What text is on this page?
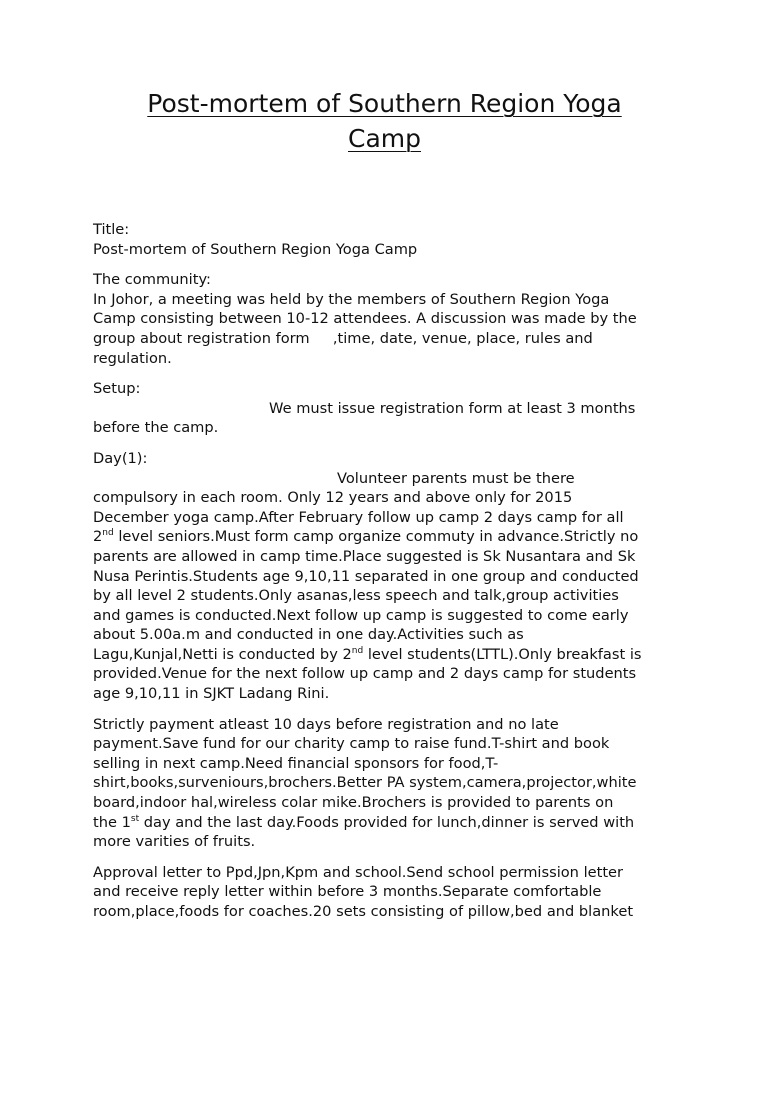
Post-mortem of Southern Region Yoga
Camp
Title:
Post-mortem of Southern Region Yoga Camp
The community:
In Johor, a meeting was held by the members of Southern Region Yoga
Camp consisting between 10-12 attendees. A discussion was made by the
group about registration form     ,time, date, venue, place, rules and
regulation.
Setup:
We must issue registration form at least 3 months
before the camp.
Day(1):
Volunteer parents must be there
compulsory in each room. Only 12 years and above only for 2015
December yoga camp.After February follow up camp 2 days camp for all
2nd level seniors.Must form camp organize commuty in advance.Strictly no
parents are allowed in camp time.Place suggested is Sk Nusantara and Sk
Nusa Perintis.Students age 9,10,11 separated in one group and conducted
by all level 2 students.Only asanas,less speech and talk,group activities
and games is conducted.Next follow up camp is suggested to come early
about 5.00a.m and conducted in one day.Activities such as
Lagu,Kunjal,Netti is conducted by 2nd level students(LTTL).Only breakfast is
provided.Venue for the next follow up camp and 2 days camp for students
age 9,10,11 in SJKT Ladang Rini.
Strictly payment atleast 10 days before registration and no late
payment.Save fund for our charity camp to raise fund.T-shirt and book
selling in next camp.Need financial sponsors for food,T-
shirt,books,surveniours,brochers.Better PA system,camera,projector,white
board,indoor hal,wireless colar mike.Brochers is provided to parents on
the 1st day and the last day.Foods provided for lunch,dinner is served with
more varities of fruits.
Approval letter to Ppd,Jpn,Kpm and school.Send school permission letter
and receive reply letter within before 3 months.Separate comfortable
room,place,foods for coaches.20 sets consisting of pillow,bed and blanket
